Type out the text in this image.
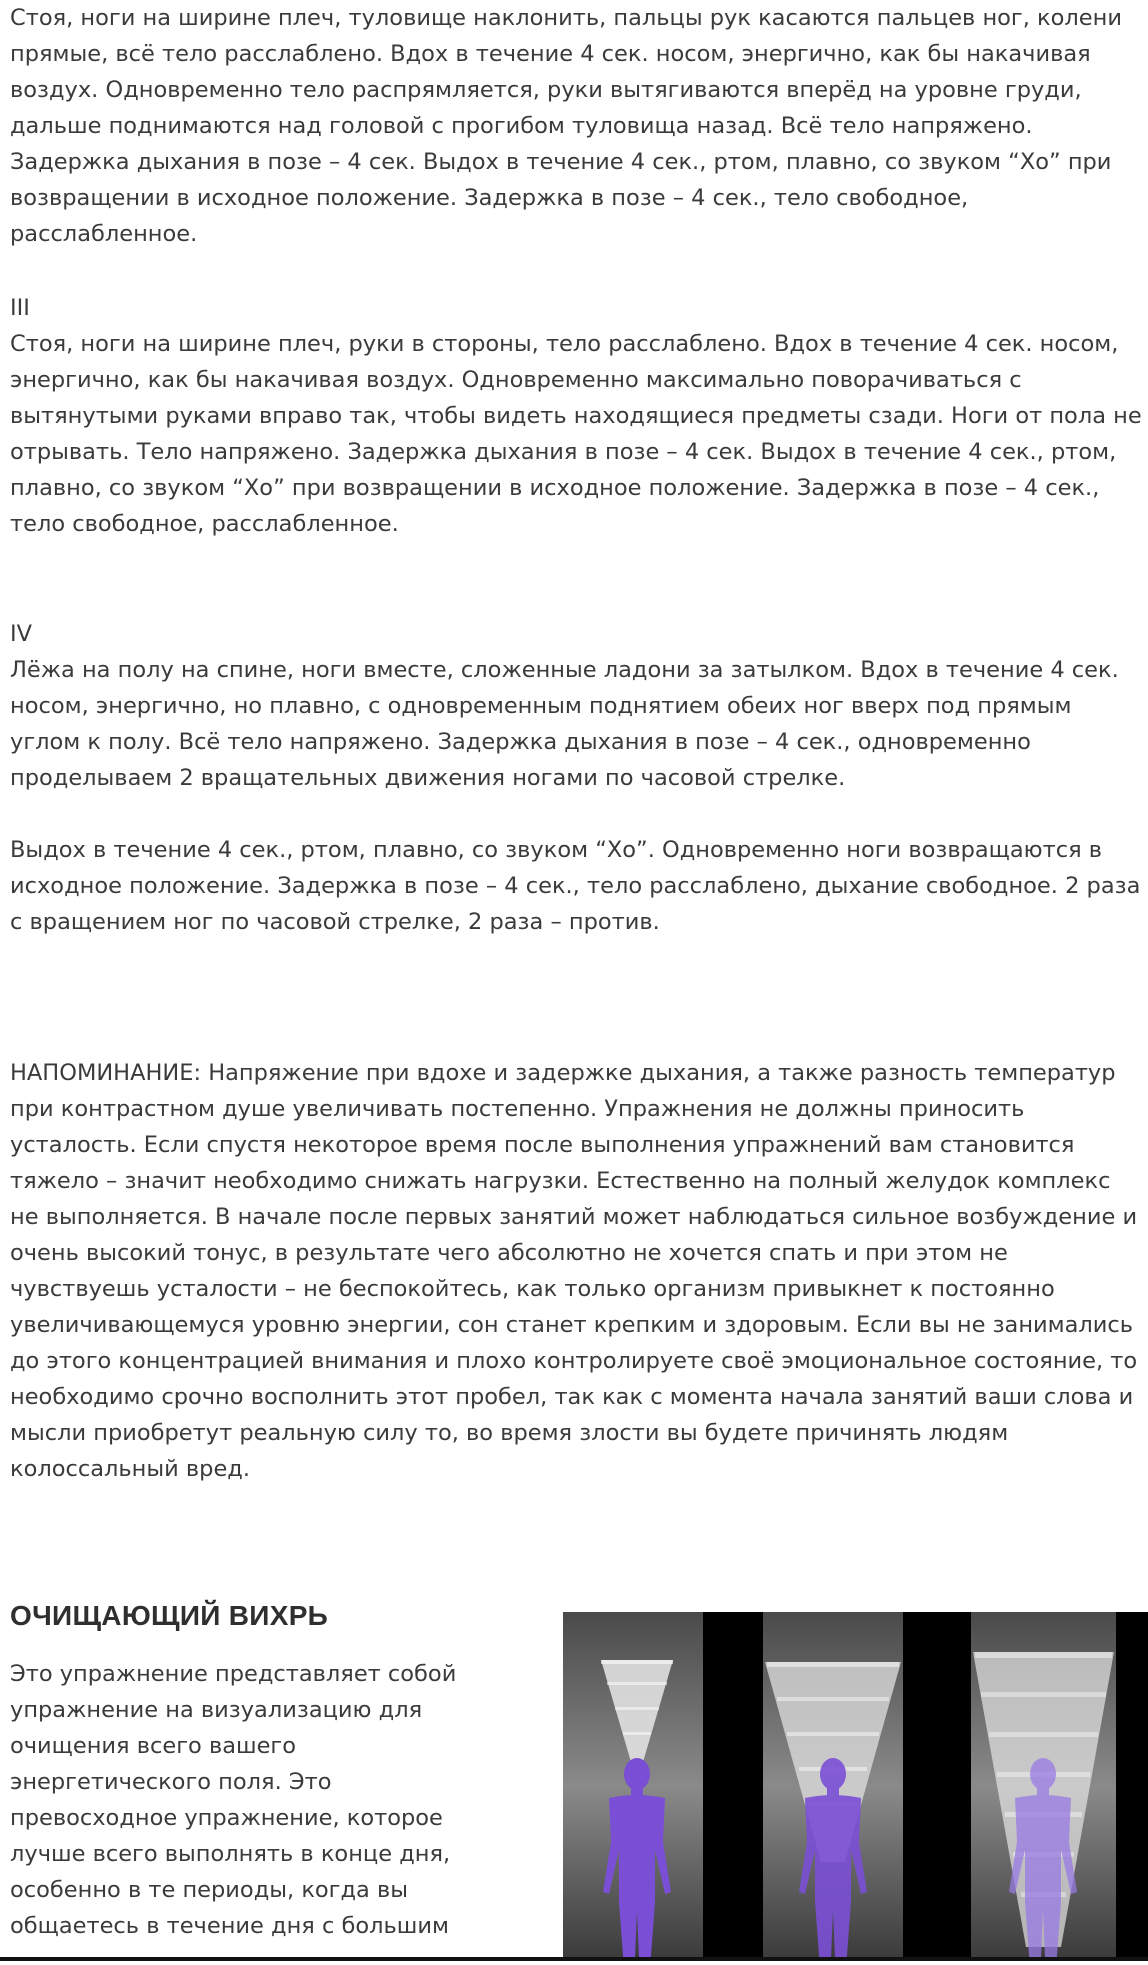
Стоя, ноги на ширине плеч, туловище наклонить, пальцы рук касаются пальцев ног, колени прямые, всё тело расслаблено. Вдох в течение 4 сек. носом, энергично, как бы накачивая воздух. Одновременно тело распрямляется, руки вытягиваются вперёд на уровне груди, дальше поднимаются над головой с прогибом туловища назад. Всё тело напряжено. Задержка дыхания в позе – 4 сек. Выдох в течение 4 сек., ртом, плавно, со звуком “Хо” при возвращении в исходное положение. Задержка в позе – 4 сек., тело свободное, расслабленное.

III

Стоя, ноги на ширине плеч, руки в стороны, тело расслаблено. Вдох в течение 4 сек. носом, энергично, как бы накачивая воздух. Одновременно максимально поворачиваться с вытянутыми руками вправо так, чтобы видеть находящиеся предметы сзади. Ноги от пола не отрывать. Тело напряжено. Задержка дыхания в позе – 4 сек. Выдох в течение 4 сек., ртом, плавно, со звуком “Хо” при возвращении в исходное положение. Задержка в позе – 4 сек., тело свободное, расслабленное.

IV

Лёжа на полу на спине, ноги вместе, сложенные ладони за затылком. Вдох в течение 4 сек. носом, энергично, но плавно, с одновременным поднятием обеих ног вверх под прямым углом к полу. Всё тело напряжено. Задержка дыхания в позе – 4 сек., одновременно проделываем 2 вращательных движения ногами по часовой стрелке.

Выдох в течение 4 сек., ртом, плавно, со звуком “Хо”. Одновременно ноги возвращаются в исходное положение. Задержка в позе – 4 сек., тело расслаблено, дыхание свободное. 2 раза с вращением ног по часовой стрелке, 2 раза – против.

НАПОМИНАНИЕ: Напряжение при вдохе и задержке дыхания, а также разность температур при контрастном душе увеличивать постепенно. Упражнения не должны приносить усталость. Если спустя некоторое время после выполнения упражнений вам становится тяжело – значит необходимо снижать нагрузки. Естественно на полный желудок комплекс не выполняется. В начале после первых занятий может наблюдаться сильное возбуждение и очень высокий тонус, в результате чего абсолютно не хочется спать и при этом не чувствуешь усталости – не беспокойтесь, как только организм привыкнет к постоянно увеличивающемуся уровню энергии, сон станет крепким и здоровым. Если вы не занимались до этого концентрацией внимания и плохо контролируете своё эмоциональное состояние, то необходимо срочно восполнить этот пробел, так как с момента начала занятий ваши слова и мысли приобретут реальную силу то, во время злости вы будете причинять людям колоссальный вред.

ОЧИЩАЮЩИЙ ВИХРЬ

Это упражнение представляет собой упражнение на визуализацию для очищения всего вашего энергетического поля. Это превосходное упражнение, которое лучше всего выполнять в конце дня, особенно в те периоды, когда вы общаетесь в течение дня с большим
